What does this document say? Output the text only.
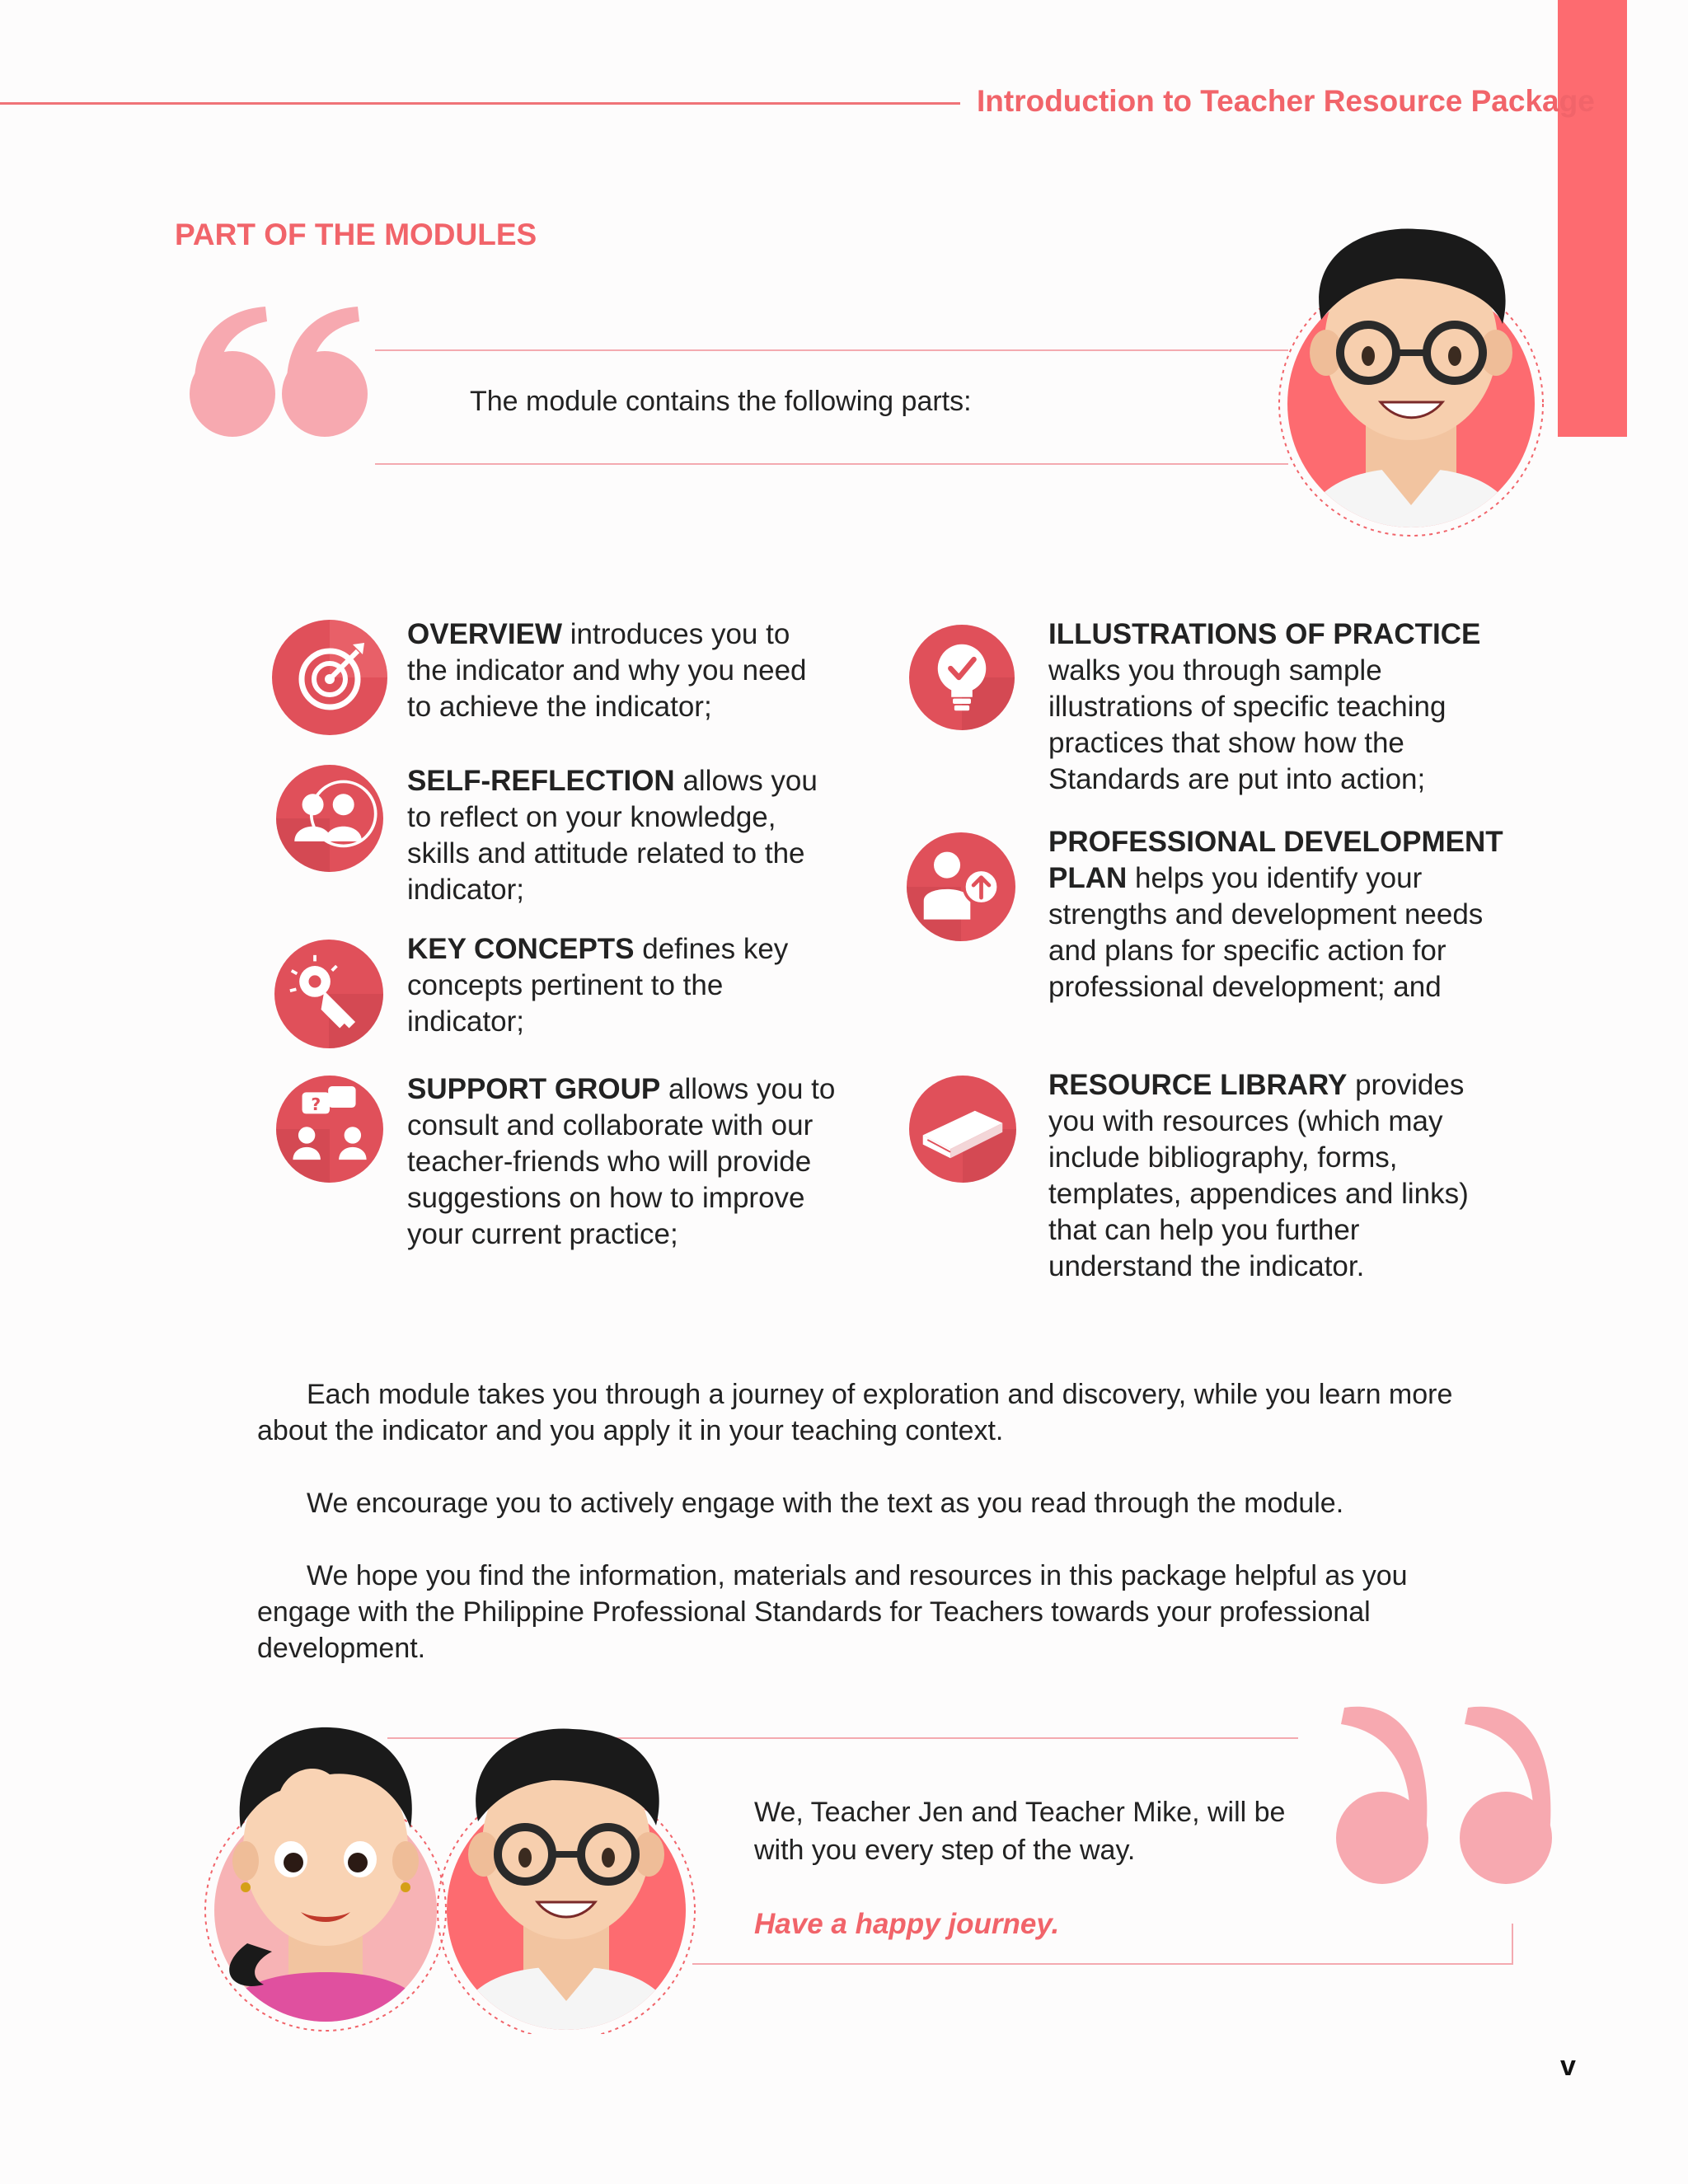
Introduction to Teacher Resource Package
PART OF THE MODULES
The module contains the following parts:
OVERVIEW introduces you to the indicator and why you need to achieve the indicator;
SELF-REFLECTION allows you to reflect on your knowledge, skills and attitude related to the indicator;
KEY CONCEPTS defines key concepts pertinent to the indicator;
?	SUPPORT GROUP allows you to consult and collaborate with our teacher-friends who will provide suggestions on how to improve your current practice;
ILLUSTRATIONS OF PRACTICE walks you through sample illustrations of specific teaching practices that show how the Standards are put into action;
PROFESSIONAL DEVELOPMENT PLAN helps you identify your strengths and development needs and plans for specific action for professional development; and
RESOURCE LIBRARY provides you with resources (which may include bibliography, forms, templates, appendices and links) that can help you further understand the indicator.
Each module takes you through a journey of exploration and discovery, while you learn more about the indicator and you apply it in your teaching context.
We encourage you to actively engage with the text as you read through the module.
We hope you find the information, materials and resources in this package helpful as you engage with the Philippine Professional Standards for Teachers towards your professional development.
We, Teacher Jen and Teacher Mike, will be with you every step of the way.
Have a happy journey.
v
